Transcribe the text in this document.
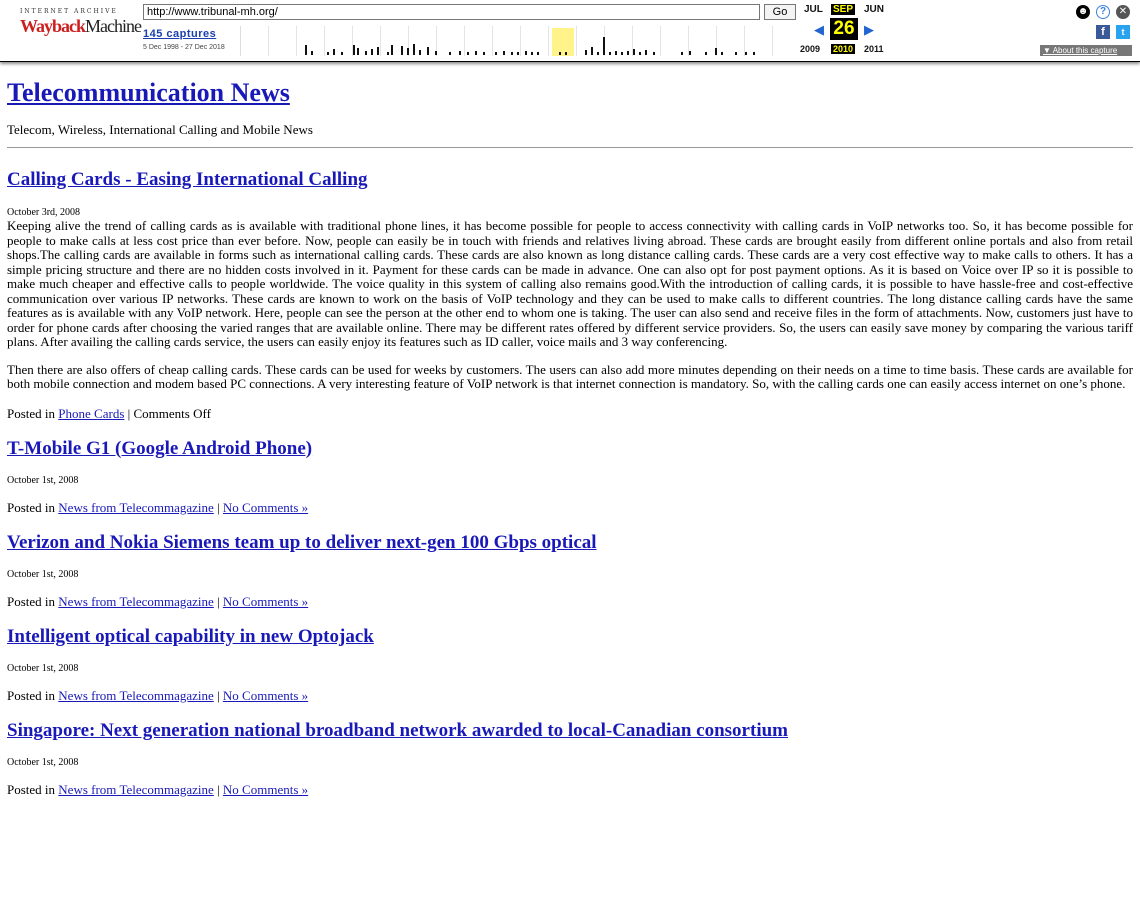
INTERNET ARCHIVE
WaybackMachine
http://www.tribunal-mh.org/
Go
145 captures
5 Dec 1998 - 27 Dec 2018
JUL SEP JUN
◀ 26 ▶
2009 2010 2011
☻	?	✕
f	t
▼ About this capture
Telecommunication News

Telecom, Wireless, International Calling and Mobile News

Calling Cards - Easing International Calling

October 3rd, 2008

Keeping alive the trend of calling cards as is available with traditional phone lines, it has become possible for people to access connectivity with calling cards in VoIP networks too. So, it has become possible for people to make calls at less cost price than ever before. Now, people can easily be in touch with friends and relatives living abroad. These cards are brought easily from different online portals and also from retail shops.The calling cards are available in forms such as international calling cards. These cards are also known as long distance calling cards. These cards are a very cost effective way to make calls to others. It has a simple pricing structure and there are no hidden costs involved in it. Payment for these cards can be made in advance. One can also opt for post payment options. As it is based on Voice over IP so it is possible to make much cheaper and effective calls to people worldwide. The voice quality in this system of calling also remains good.With the introduction of calling cards, it is possible to have hassle-free and cost-effective communication over various IP networks. These cards are known to work on the basis of VoIP technology and they can be used to make calls to different countries. The long distance calling cards have the same features as is available with any VoIP network. Here, people can see the person at the other end to whom one is taking. The user can also send and receive files in the form of attachments. Now, customers just have to order for phone cards after choosing the varied ranges that are available online. There may be different rates offered by different service providers. So, the users can easily save money by comparing the various tariff plans. After availing the calling cards service, the users can easily enjoy its features such as ID caller, voice mails and 3 way conferencing.

Then there are also offers of cheap calling cards. These cards can be used for weeks by customers. The users can also add more minutes depending on their needs on a time to time basis. These cards are available for both mobile connection and modem based PC connections. A very interesting feature of VoIP network is that internet connection is mandatory. So, with the calling cards one can easily access internet on one’s phone.

Posted in Phone Cards | Comments Off

T-Mobile G1 (Google Android Phone)

October 1st, 2008

Posted in News from Telecommagazine | No Comments »

Verizon and Nokia Siemens team up to deliver next-gen 100 Gbps optical

October 1st, 2008

Posted in News from Telecommagazine | No Comments »

Intelligent optical capability in new Optojack

October 1st, 2008

Posted in News from Telecommagazine | No Comments »

Singapore: Next generation national broadband network awarded to local-Canadian consortium

October 1st, 2008

Posted in News from Telecommagazine | No Comments »
